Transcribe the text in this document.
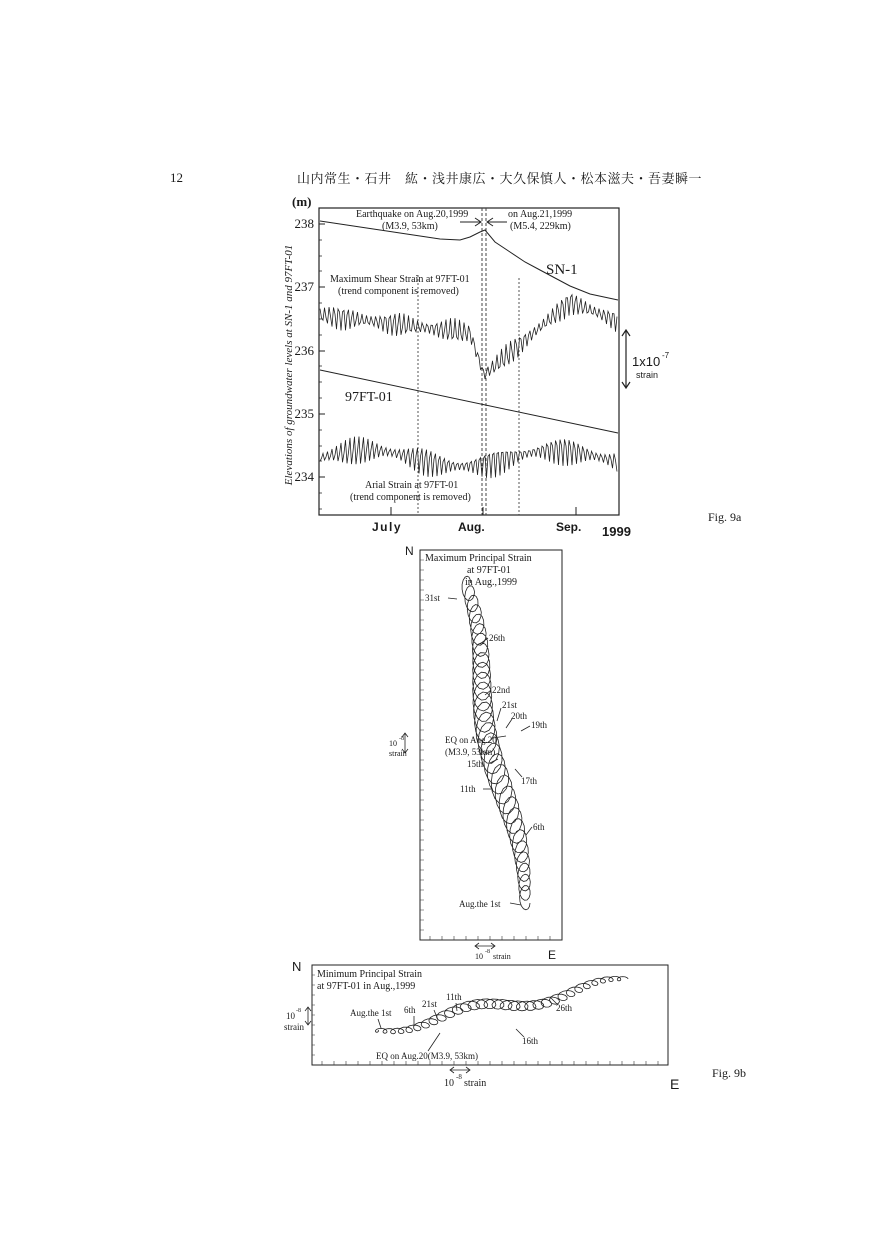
12	山内常生・石井　紘・浅井康広・大久保慎人・松本滋夫・吾妻瞬一
(m)
Elevations of groundwater levels at SN-1 and 97FT-01
238
237
236
235
234
July	Aug.	Sep. 1999
Earthquake on Aug.20,1999
(M3.9, 53km)
on Aug.21,1999
(M5.4, 229km)
SN-1
Maximum Shear Strain at 97FT-01
(trend component is removed)
97FT-01
Arial Strain at 97FT-01
(trend component is removed)
1x10 -7
strain
Fig. 9a
N
E
Maximum Principal Strain
at 97FT-01
in Aug.,1999
31st
26th
22nd
21st
20th
19th
15th
17th
11th
6th
Aug.the 1st
EQ on Aug.20
(M3.9, 53km)
10 -8
strain
10 -8 strain
N
E
Minimum Principal Strain
at 97FT-01 in Aug.,1999
Aug.the 1st 6th
21st
11th
26th
16th
EQ on Aug.20(M3.9, 53km)
10 -8
strain
10
-8
strain
Fig. 9b
